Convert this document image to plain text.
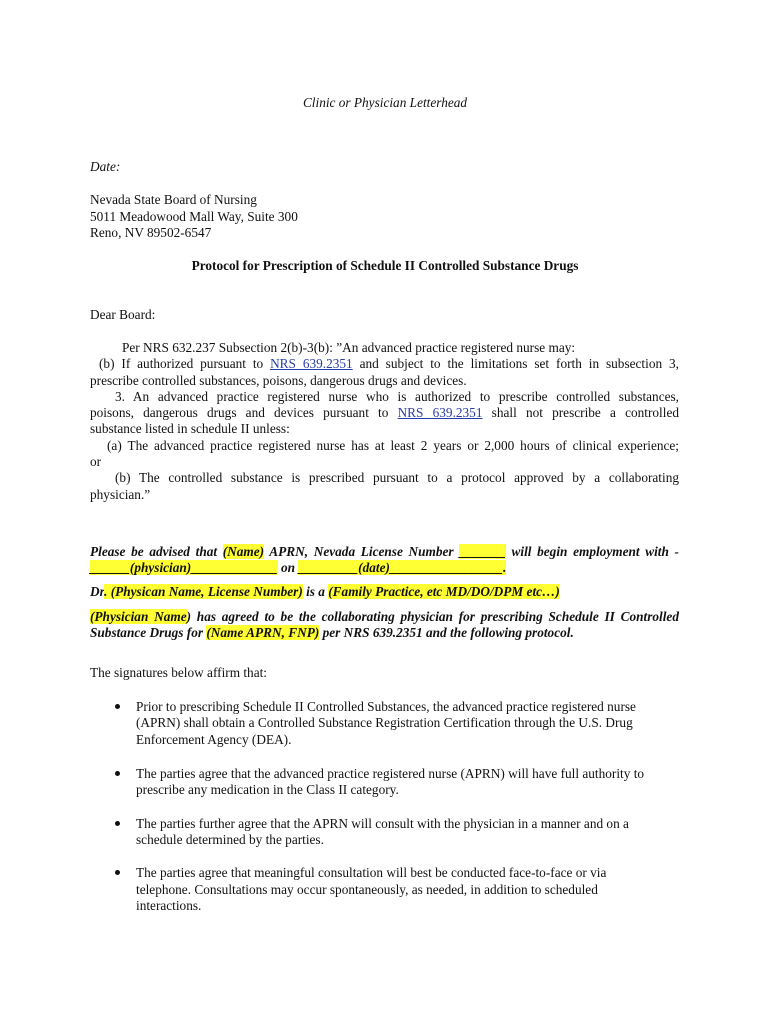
Clinic or Physician Letterhead

Date:

Nevada State Board of Nursing

5011 Meadowood Mall Way, Suite 300

Reno, NV 89502-6547

Protocol for Prescription of Schedule II Controlled Substance Drugs

Dear Board:

Per NRS 632.237 Subsection 2(b)-3(b): ”An advanced practice registered nurse may:

(b) If authorized pursuant to NRS 639.2351 and subject to the limitations set forth in subsection 3,

prescribe controlled substances, poisons, dangerous drugs and devices.

3. An advanced practice registered nurse who is authorized to prescribe controlled substances,

poisons, dangerous drugs and devices pursuant to NRS 639.2351 shall not prescribe a controlled

substance listed in schedule II unless:

(a) The advanced practice registered nurse has at least 2 years or 2,000 hours of clinical experience;

or

(b) The controlled substance is prescribed pursuant to a protocol approved by a collaborating

physician.”

Please be advised that (Name) APRN, Nevada License Number _______ will begin employment with -

______(physician)_____________ on _________(date)_________________.

Dr. (Physican Name, License Number) is a (Family Practice, etc MD/DO/DPM etc…)

(Physician Name) has agreed to be the collaborating physician for prescribing Schedule II Controlled

Substance Drugs for (Name APRN, FNP) per NRS 639.2351 and the following protocol.

The signatures below affirm that:

Prior to prescribing Schedule II Controlled Substances, the advanced practice registered nurse

(APRN) shall obtain a Controlled Substance Registration Certification through the U.S. Drug

Enforcement Agency (DEA).

The parties agree that the advanced practice registered nurse (APRN) will have full authority to

prescribe any medication in the Class II category.

The parties further agree that the APRN will consult with the physician in a manner and on a

schedule determined by the parties.

The parties agree that meaningful consultation will best be conducted face-to-face or via

telephone. Consultations may occur spontaneously, as needed, in addition to scheduled

interactions.
